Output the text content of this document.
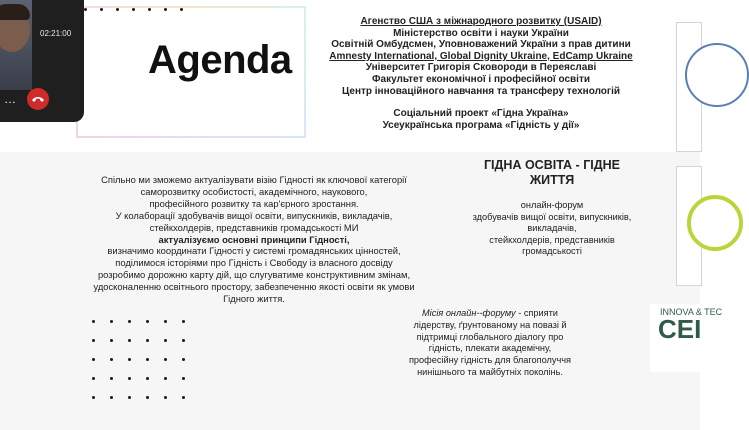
Agenda
Агенство США з міжнародного розвитку (USAID)
Міністерство освіти і науки України
Освітній Омбудсмен, Уповноважений України з прав дитини
Amnesty International, Global Dignity Ukraine, EdCamp Ukraine
Університет Григорія Сковороди в Переяславі
Факультет економічної і професійної освіти
Центр інноваційного навчання та трансферу технологій
Соціальний проект «Гідна Україна»
Усеукраїнська програма «Гідність у дії»
INNOVA & TEC
CEI
Спільно ми зможемо актуалізувати візію Гідності як ключової категорії
саморозвитку особистості, академічного, наукового,
професійного розвитку та кар'єрного зростання.
У колаборації здобувачів вищої освіти, випускників, викладачів,
стейкхолдерів, представників громадськості МИ
актуалізуємо основні принципи Гідності,
визначимо координати Гідності у системі громадянських цінностей,
поділимося історіями про Гідність і Свободу із власного досвіду
розробимо дорожню карту дій, що слугуватиме конструктивним змінам,
удосконаленню освітнього простору, забезпеченню якості освіти як умови
Гідного життя.
ГІДНА ОСВІТА - ГІДНЕ
ЖИТТЯ
онлайн-форум
здобувачів вищої освіти, випускників,
викладачів,
стейкхолдерів, представників
громадськості
Місія онлайн--форуму - сприяти
лідерству, ґрунтованому на повазі й
підтримці глобального діалогу про
гідність, плекати академічну,
професійну гідність для благополуччя
нинішнього та майбутніх поколінь.
02:21:00
…
